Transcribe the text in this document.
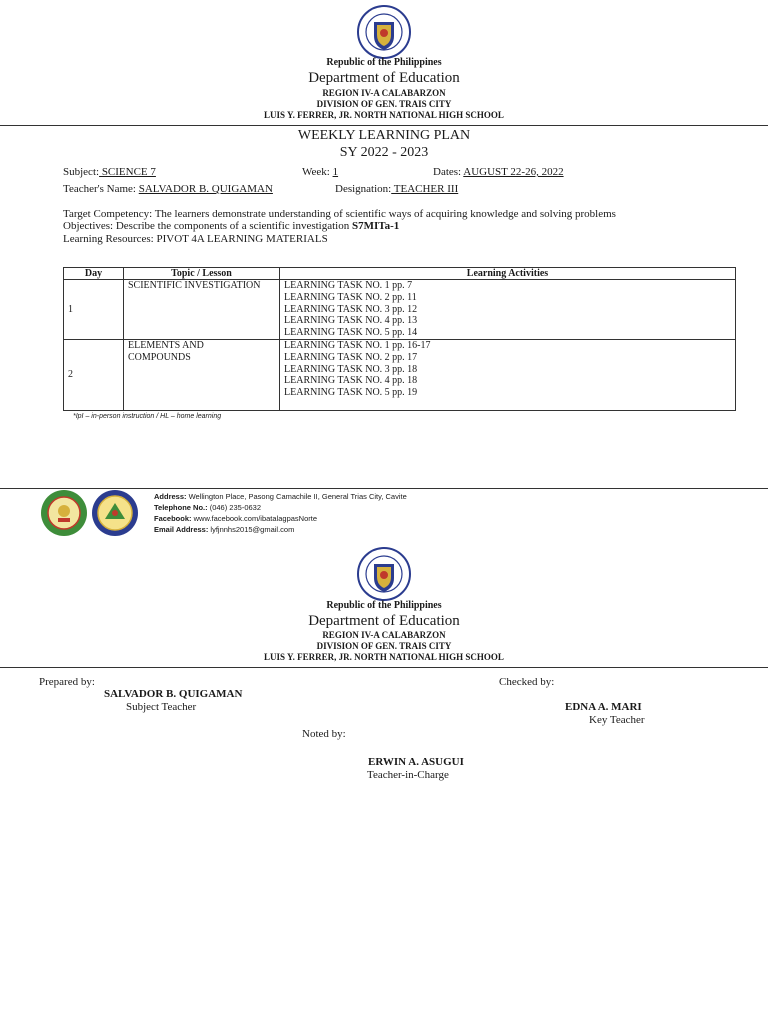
Republic of the Philippines
Department of Education
REGION IV-A CALABARZON
DIVISION OF GEN. TRAIS CITY
LUIS Y. FERRER, JR. NORTH NATIONAL HIGH SCHOOL
WEEKLY LEARNING PLAN
SY 2022 - 2023
Subject: SCIENCE 7	Week: 1	Dates: AUGUST 22-26, 2022
Teacher's Name: SALVADOR B. QUIGAMAN	Designation: TEACHER III
Target Competency: The learners demonstrate understanding of scientific ways of acquiring knowledge and solving problems
Objectives: Describe the components of a scientific investigation S7MITa-1
Learning Resources: PIVOT 4A LEARNING MATERIALS
Day	Topic / Lesson	Learning Activities
1	SCIENTIFIC INVESTIGATION	LEARNING TASK NO. 1 pp. 7
LEARNING TASK NO. 2 pp. 11
LEARNING TASK NO. 3 pp. 12
LEARNING TASK NO. 4 pp. 13
LEARNING TASK NO. 5 pp. 14

2	ELEMENTS AND COMPOUNDS	LEARNING TASK NO. 1 pp. 16-17
LEARNING TASK NO. 2 pp. 17
LEARNING TASK NO. 3 pp. 18
LEARNING TASK NO. 4 pp. 18
LEARNING TASK NO. 5 pp. 19
*IpI – in-person instruction / HL – home learning
Address: Wellington Place, Pasong Camachile II, General Trias City, Cavite
Telephone No.: (046) 235-0632
Facebook: www.facebook.com/ibatalagpasNorte
Email Address: lyfjnnhs2015@gmail.com
Republic of the Philippines
Department of Education
REGION IV-A CALABARZON
DIVISION OF GEN. TRAIS CITY
LUIS Y. FERRER, JR. NORTH NATIONAL HIGH SCHOOL
Prepared by:
SALVADOR B. QUIGAMAN
Subject Teacher
Checked by:
EDNA A. MARI
Key Teacher
Noted by:
ERWIN A. ASUGUI
Teacher-in-Charge
